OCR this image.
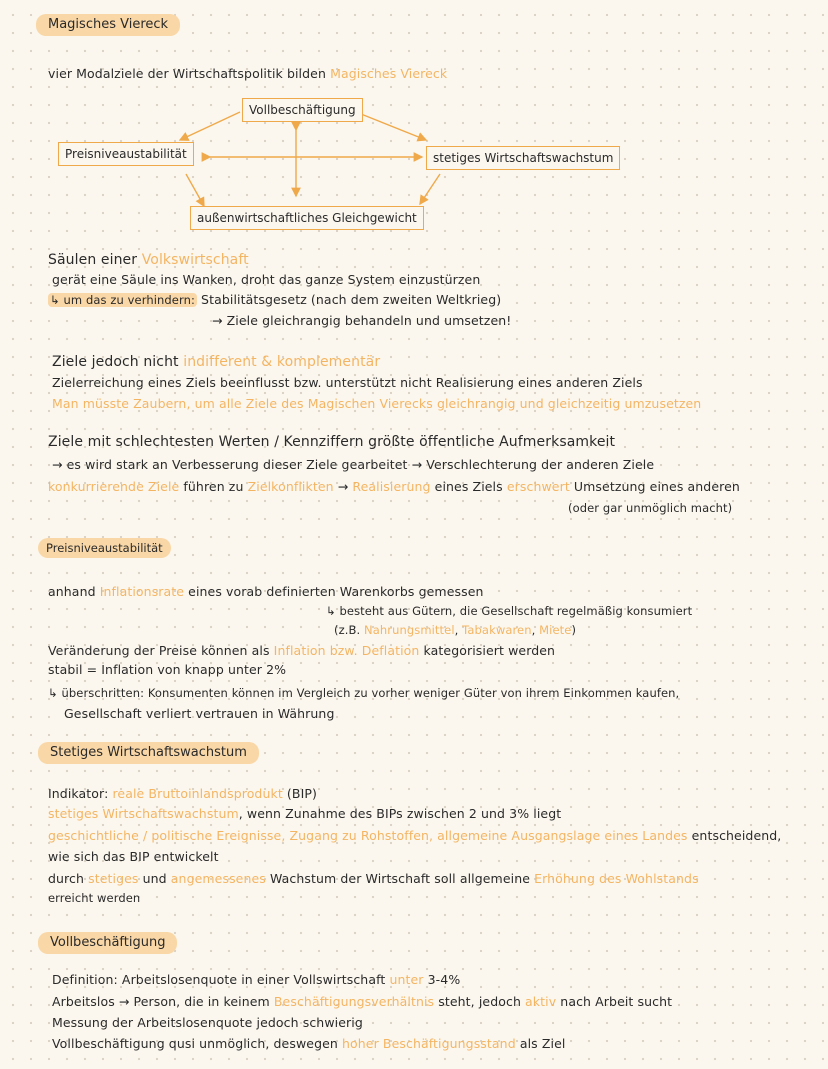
Magisches Viereck
vier Modalziele der Wirtschaftspolitik bilden Magisches Viereck
Vollbeschäftigung
Preisniveaustabilität	stetiges Wirtschaftswachstum
außenwirtschaftliches Gleichgewicht
Säulen einer Volkswirtschaft
gerät eine Säule ins Wanken, droht das ganze System einzustürzen
↳ um das zu verhindern: Stabilitätsgesetz (nach dem zweiten Weltkrieg)
→ Ziele gleichrangig behandeln und umsetzen!
Ziele jedoch nicht indifferent & komplementär
Zielerreichung eines Ziels beeinflusst bzw. unterstützt nicht Realisierung eines anderen Ziels
Man müsste Zaubern, um alle Ziele des Magischen Vierecks gleichrangig und gleichzeitig umzusetzen
Ziele mit schlechtesten Werten / Kennziffern größte öffentliche Aufmerksamkeit
→ es wird stark an Verbesserung dieser Ziele gearbeitet → Verschlechterung der anderen Ziele
konkurrierende Ziele führen zu Zielkonflikten → Realisierung eines Ziels erschwert Umsetzung eines anderen
(oder gar unmöglich macht)
Preisniveaustabilität
anhand Inflationsrate eines vorab definierten Warenkorbs gemessen
↳ besteht aus Gütern, die Gesellschaft regelmäßig konsumiert
(z.B. Nahrungsmittel, Tabakwaren, Miete)
Veränderung der Preise können als Inflation bzw. Deflation kategorisiert werden
stabil = Inflation von knapp unter 2%
↳ überschritten: Konsumenten können im Vergleich zu vorher weniger Güter von ihrem Einkommen kaufen,
Gesellschaft verliert vertrauen in Währung
Stetiges Wirtschaftswachstum
Indikator: reale Bruttoinlandsprodukt (BIP)
stetiges Wirtschaftswachstum, wenn Zunahme des BIPs zwischen 2 und 3% liegt
geschichtliche / politische Ereignisse, Zugang zu Rohstoffen, allgemeine Ausgangslage eines Landes entscheidend,
wie sich das BIP entwickelt
durch stetiges und angemessenes Wachstum der Wirtschaft soll allgemeine Erhöhung des Wohlstands
erreicht werden
Vollbeschäftigung
Definition: Arbeitslosenquote in einer Vollswirtschaft unter 3-4%
Arbeitslos → Person, die in keinem Beschäftigungsverhältnis steht, jedoch aktiv nach Arbeit sucht
Messung der Arbeitslosenquote jedoch schwierig
Vollbeschäftigung qusi unmöglich, deswegen hoher Beschäftigungsstand als Ziel
